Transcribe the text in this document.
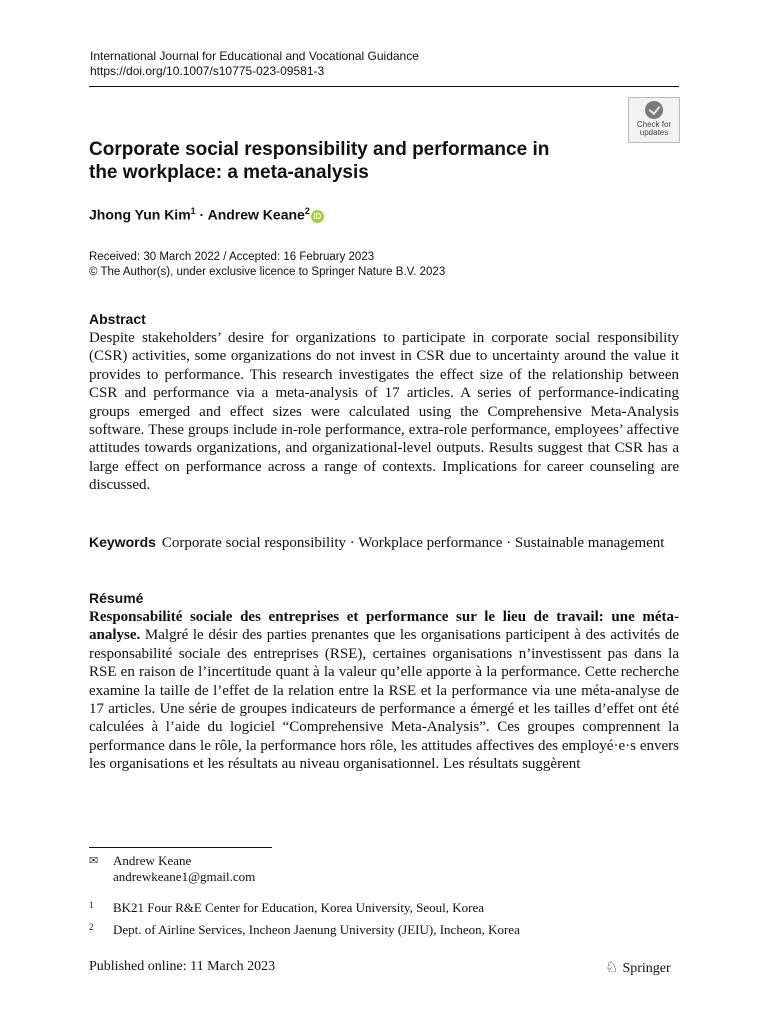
International Journal for Educational and Vocational Guidance
https://doi.org/10.1007/s10775-023-09581-3
Check for
updates
Corporate social responsibility and performance in the workplace: a meta-analysis
Jhong Yun Kim$^1$ · Andrew Keane$^2$iD
Received: 30 March 2022 / Accepted: 16 February 2023
© The Author(s), under exclusive licence to Springer Nature B.V. 2023
Abstract
Despite stakeholders’ desire for organizations to participate in corporate social responsibility (CSR) activities, some organizations do not invest in CSR due to uncertainty around the value it provides to performance. This research investigates the effect size of the relationship between CSR and performance via a meta-analysis of 17 articles. A series of performance-indicating groups emerged and effect sizes were calculated using the Comprehensive Meta-Analysis software. These groups include in-role performance, extra-role performance, employees’ affective attitudes towards organizations, and organizational-level outputs. Results suggest that CSR has a large effect on performance across a range of contexts. Implications for career counseling are discussed.
Keywords Corporate social responsibility · Workplace performance · Sustainable management
Résumé
Responsabilité sociale des entreprises et performance sur le lieu de travail: une méta-analyse. Malgré le désir des parties prenantes que les organisations participent à des activités de responsabilité sociale des entreprises (RSE), certaines organisations n’investissent pas dans la RSE en raison de l’incertitude quant à la valeur qu’elle apporte à la performance. Cette recherche examine la taille de l’effet de la relation entre la RSE et la performance via une méta-analyse de 17 articles. Une série de groupes indicateurs de performance a émergé et les tailles d’effet ont été calculées à l’aide du logiciel “Comprehensive Meta-Analysis”. Ces groupes comprennent la performance dans le rôle, la performance hors rôle, les attitudes affectives des employé·e·s envers les organisations et les résultats au niveau organisationnel. Les résultats suggèrent
✉ Andrew Keane
andrewkeane1@gmail.com
$^1$ BK21 Four R&E Center for Education, Korea University, Seoul, Korea
$^2$ Dept. of Airline Services, Incheon Jaenung University (JEIU), Incheon, Korea
Published online: 11 March 2023	♘ Springer
